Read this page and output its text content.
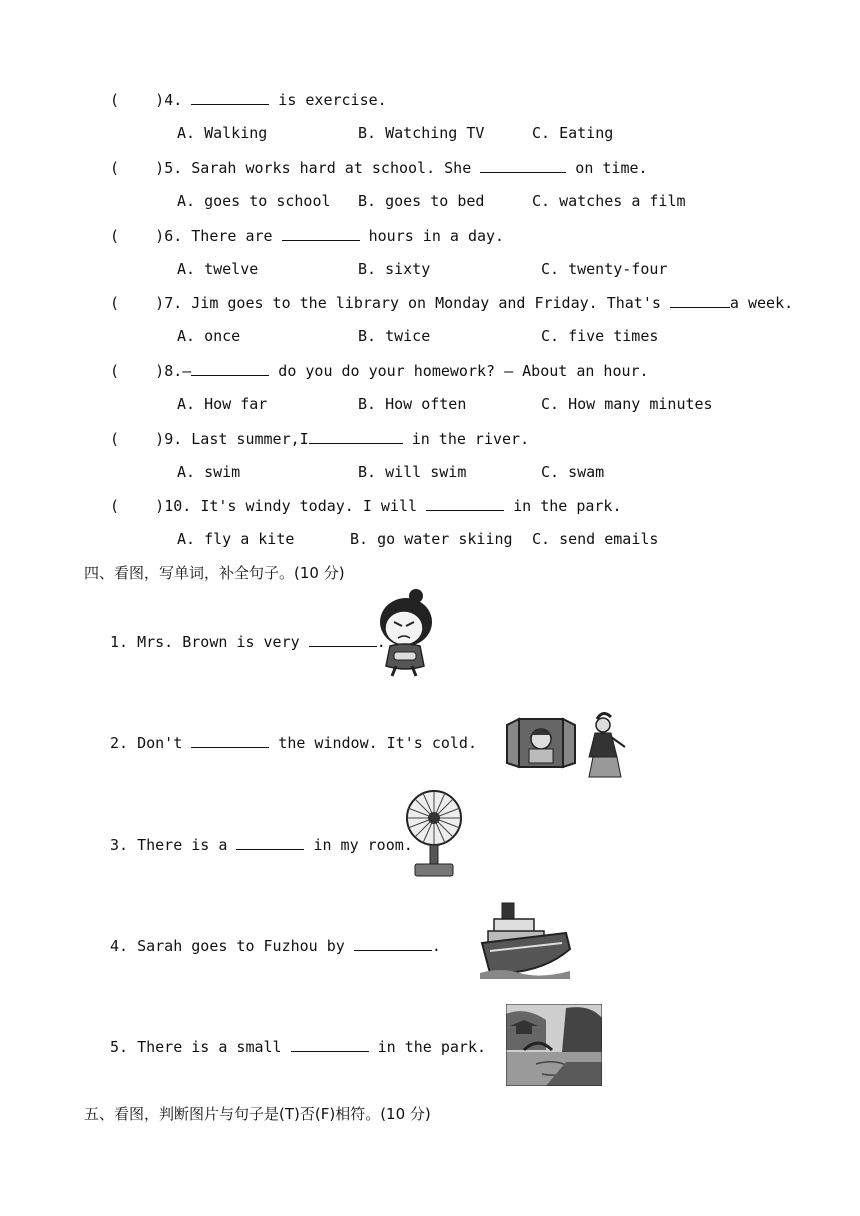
( )4.	is exercise.
A. Walking	B. Watching TV	C. Eating
( )5. Sarah works hard at school. She	on time.
A. goes to school B. goes to bed	C. watches a film
( )6. There are	hours in a day.
A. twelve	B. sixty	C. twenty-four
( )7. Jim goes to the library on Monday and Friday. That's	a week.
A. once	B. twice	C. five times
( )8.—	do you do your homework? — About an hour.
A. How far	B. How often	C. How many minutes
( )9. Last summer,I	in the river.
A. swim	B. will swim	C. swam
( )10. It's windy today. I will	in the park.
A. fly a kite	B. go water skiing C. send emails
四、看图，写单词，补全句子。(10 分)
1. Mrs. Brown is very	.
2. Don't	the window. It's cold.
3. There is a	in my room.
4. Sarah goes to Fuzhou by	.
5. There is a small	in the park.
五、看图，判断图片与句子是(T)否(F)相符。(10 分)
